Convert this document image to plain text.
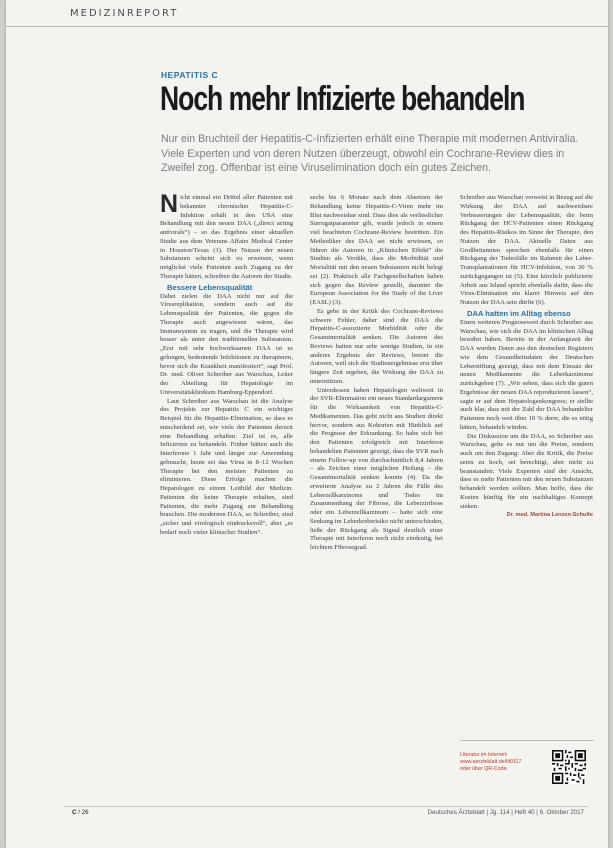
MEDIZINREPORT
HEPATITIS C
Noch mehr Infizierte behandeln

Nur ein Bruchteil der Hepatitis-C-Infizierten erhält eine Therapie mit modernen Antiviralia. Viele Experten und von deren Nutzen überzeugt, obwohl ein Cochrane-Review dies in Zweifel zog. Offenbar ist eine Viruselimination doch ein gutes Zeichen.

Nicht einmal ein Drittel aller Patienten mit bekannter chronischer Hepatitis-C-Infektion erhält in den USA eine Behandlung mit den neuen DAA („direct acting antivirals“) – so das Ergebnis einer aktuellen Studie aus dem Veterans Affairs Medical Center in Houston/Texas (1). Der Nutzen der neuen Substanzen scheint sich zu erweisen, wenn möglichst viele Patienten auch Zugang zu der Therapie hätten, schreiben die Autoren der Studie.

Bessere Lebensqualität

Dabei zielen die DAA nicht nur auf die Virusreplikation, sondern auch auf die Lebensqualität der Patienten, die gegen die Therapie auch angewiesen wären, das Immunsystem zu tragen, und die Therapie wird besser als unter den traditionellen Substanzen. „Erst mit sehr hochwirksamen DAA ist es gelungen, bedeutende Infektionen zu therapieren, bevor sich die Krankheit manifestiert“, sagt Prof. Dr. med. Oliver Schreiber aus Warschau, Leiter der Abteilung für Hepatologie im Universitätsklinikum Hamburg-Eppendorf.

Laut Schreiber aus Warschau ist die Analyse des Projekts zur Hepatitis C ein wichtiges Beispiel für die Hepatitis-Elimination, so dass es entscheidend sei, wie viele der Patienten derzeit eine Behandlung erhalten. Ziel ist es, alle Infizierten zu behandeln. Früher hätten auch die Interferone 1 Jahr und länger zur Anwendung gebraucht, heute sei das Virus in 8–12 Wochen Therapie bei den meisten Patienten zu eliminieren. Diese Erfolge machen die Hepatologen zu einem Leitbild der Medizin. Patienten die keine Therapie erhalten, sind Patienten, die mehr Zugang zur Behandlung brauchen. Die modernen DAA, so Schreiber, sind „sicher und virologisch eindrucksvoll“, aber „es bedarf noch vieler klinischer Studien“.

sechs bis 6 Monate nach dem Absetzen der Behandlung keine Hepatitis-C-Viren mehr im Blut nachweisbar sind. Dass dies als verlässlicher Surrogatparameter gilt, wurde jedoch in einem viel beachteten Cochrane-Review bestritten. Ein Methodiker des DAA sei nicht erwiesen, so führen die Autoren in „Klinischen Effekt“ die Studien als Verdikt, dass die Morbidität und Mortalität mit den neuen Substanzen nicht belegt sei (2). Praktisch alle Fachgesellschaften haben sich gegen das Review gestellt, darunter die European Association for the Study of the Liver (EASL) (3).

Es gebe in der Kritik des Cochrane-Reviews schwere Fehler, daher sind die DAA die Hepatitis-C-assoziierte Morbidität oder die Gesamtmortalität senken. Die Autoren des Reviews hatten nur sehr wenige Studien, in ein anderes Ergebnis der Reviews, betont die Autoren, weil sich die Studienergebnisse erst über längere Zeit ergeben, die Wirkung der DAA zu unterstützen.

Unterdessen haben Hepatologen weltweit in der SVR-Elimination ein neues Standardargument für die Wirksamkeit von Hepatitis-C-Medikamenten. Das geht nicht aus Studien direkt hervor, sondern aus Kohorten mit Hinblick auf die Prognose der Erkrankung. So habe sich bei den Patienten erfolgreich mit Interferon behandelten Patienten gezeigt, dass die SVR nach einem Follow-up von durchschnittlich 8,4 Jahren – als Zeichen einer möglichen Heilung – die Gesamtmortalität senken konnte (4). Da die erweiterte Analyse zu 2 Jahren die Fälle des Leberzellkarzinoms und Todes im Zusammenhang der Fibrose, die Leberzirrhose oder ein Leberzellkarzinom – hatte sich eine Senkung im Leberkrebsrisiko nicht unterschieden, ließe der Rückgang als Signal deutlich einer Therapie mit Interferon noch nicht eindeutig, bei leichtem Fibrosegrad.

Schreiber aus Warschau verweist in Bezug auf die Wirkung der DAA auf nachweisbare Verbesserungen der Lebensqualität, die beim Rückgang der HCV-Patienten einen Rückgang des Hepatitis-Risikos im Sinne der Therapie, den Nutzen der DAA. Aktuelle Daten aus Großbritannien sprechen ebenfalls für einen Rückgang der Todesfälle im Rahmen der Leber-Transplantationen für HCV-Infektion, von 30 % zurückgegangen ist (5). Eine kürzlich publizierte Arbeit aus Island spricht ebenfalls dafür, dass die Virus-Elimination ein klarer Hinweis auf den Nutzen der DAA sein dürfte (6).

DAA hatten im Alltag ebenso

Einen weiteren Prognosewert durch Schreiber aus Warschau, wie sich die DAA im klinischen Alltag bewährt haben. Bereits in der Anfangszeit der DAA wurden Daten aus den deutschen Registern wie dem Gesundheitsdaten der Deutschen Leberstiftung gezeigt, dass mit dem Einsatz der neuen Medikamente die Leberkarzinome zurückgehen (7). „Wir sehen, dass sich die guten Ergebnisse der neuen DAA reproduzieren lassen“, sagte er auf dem Hepatologenkongress; er stellte auch klar, dass mit der Zahl der DAA behandelter Patienten noch weit über 10 % derer, die es nötig hätten, behandelt würden.

Die Diskussion um die DAA, so Schreiber aus Warschau, gehe es nur um die Preise, sondern auch um den Zugang: Aber die Kritik, die Preise seien zu hoch, sei berechtigt, aber nicht zu beanstanden: Viele Experten sind der Ansicht, dass es mehr Patienten mit den neuen Substanzen behandelt werden sollten. Man hoffe, dass die Kosten künftig für ein nachhaltiges Konzept sinken.

Dr. med. Martina Lenzen-Schulte

Literatur im Internet:
www.aerzteblatt.de/lit0117
oder über QR-Code.
C / 26	Deutsches Ärzteblatt | Jg. 114 | Heft 40 | 6. Oktober 2017
